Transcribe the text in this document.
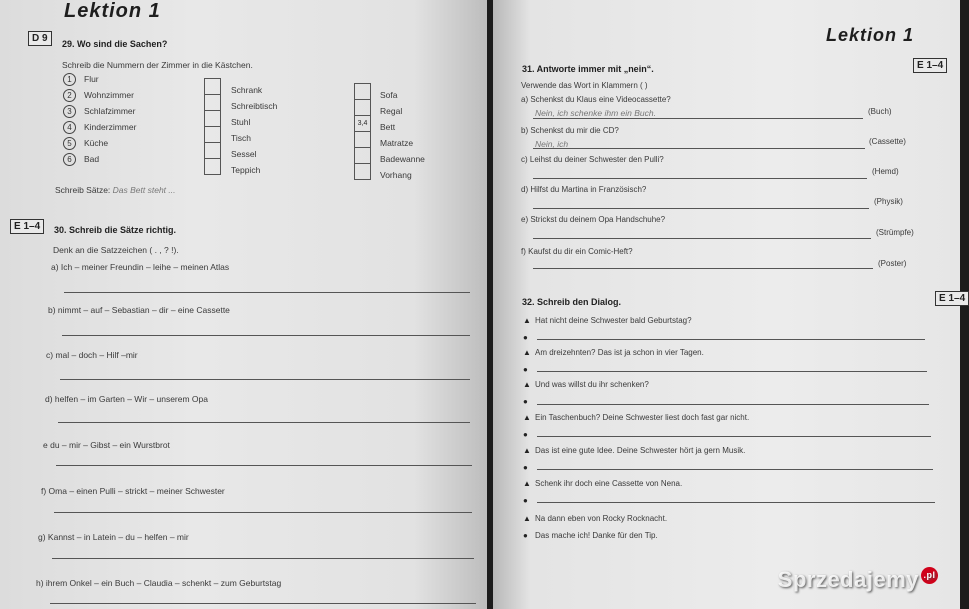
Lektion 1
D 9	29. Wo sind die Sachen?
Schreib die Nummern der Zimmer in die Kästchen.
1 Flur
2 Wohnzimmer
3 Schlafzimmer
4 Kinderzimmer
5 Küche
6 Bad
Schrank
Schreibtisch
Stuhl
Tisch
Sessel
Teppich
3,4
Sofa
Regal
Bett
Matratze
Badewanne
Vorhang
Schreib Sätze: Das Bett steht ...
E 1–4	30. Schreib die Sätze richtig.
Denk an die Satzzeichen ( . , ? !).
a) Ich – meiner Freundin – leihe – meinen Atlas
b) nimmt – auf – Sebastian – dir – eine Cassette
c) mal – doch – Hilf –mir
d) helfen – im Garten – Wir – unserem Opa
e du – mir – Gibst – ein Wurstbrot
f) Oma – einen Pulli – strickt – meiner Schwester
g) Kannst – in Latein – du – helfen – mir
h) ihrem Onkel – ein Buch – Claudia – schenkt – zum Geburtstag
Lektion 1
E 1–4
31. Antworte immer mit „nein“.
Verwende das Wort in Klammern ( )
a) Schenkst du Klaus eine Videocassette?
Nein, ich schenke ihm ein Buch.	(Buch)
b) Schenkst du mir die CD?
Nein, ich	(Cassette)
c) Leihst du deiner Schwester den Pulli?
(Hemd)
d) Hilfst du Martina in Französisch?
(Physik)
e) Strickst du deinem Opa Handschuhe?
(Strümpfe)
f) Kaufst du dir ein Comic-Heft?
(Poster)
E 1–4
32. Schreib den Dialog.
▲ Hat nicht deine Schwester bald Geburtstag?
●
▲ Am dreizehnten? Das ist ja schon in vier Tagen.
●
▲ Und was willst du ihr schenken?
●
▲ Ein Taschenbuch? Deine Schwester liest doch fast gar nicht.
●
▲ Das ist eine gute Idee. Deine Schwester hört ja gern Musik.
●
▲ Schenk ihr doch eine Cassette von Nena.
●
▲ Na dann eben von Rocky Rocknacht.
● Das mache ich! Danke für den Tip.
Sprzedajemy .pl
